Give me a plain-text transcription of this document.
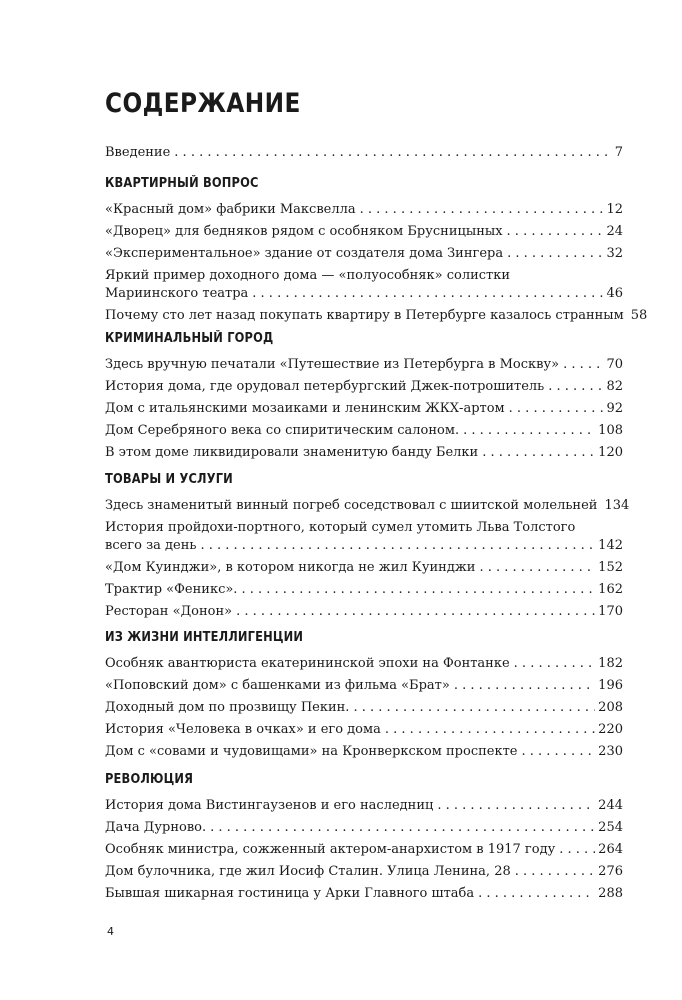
СОДЕРЖАНИЕ
Введение . . .	7
КВАРТИРНЫЙ ВОПРОС
«Красный дом» фабрики Максвелла . . .	12
«Дворец» для бедняков рядом с особняком Брусницыных . . .	24
«Экспериментальное» здание от создателя дома Зингера . . .	32
Яркий пример доходного дома — «полуособняк» солистки
Мариинского театра . . .	46
Почему сто лет назад покупать квартиру в Петербурге казалось странным 58
КРИМИНАЛЬНЫЙ ГОРОД
Здесь вручную печатали «Путешествие из Петербурга в Москву» . . .	70
История дома, где орудовал петербургский Джек-потрошитель . . .	82
Дом с итальянскими мозаиками и ленинским ЖКХ-артом . . .	92
Дом Серебряного века со спиритическим салоном. . . .	108
В этом доме ликвидировали знаменитую банду Белки . . .	120
ТОВАРЫ И УСЛУГИ
Здесь знаменитый винный погреб соседствовал с шиитской молельней 134
История пройдохи-портного, который сумел утомить Льва Толстого
всего за день . . .	142
«Дом Куинджи», в котором никогда не жил Куинджи . . .	152
Трактир «Феникс». . . .	162
Ресторан «Донон» . . .	170
ИЗ ЖИЗНИ ИНТЕЛЛИГЕНЦИИ
Особняк авантюриста екатерининской эпохи на Фонтанке . . .	182
«Поповский дом» с башенками из фильма «Брат» . . .	196
Доходный дом по прозвищу Пекин. . . .	208
История «Человека в очках» и его дома . . .	220
Дом с «совами и чудовищами» на Кронверкском проспекте . . .	230
РЕВОЛЮЦИЯ
История дома Вистингаузенов и его наследниц . . .	244
Дача Дурново. . . .	254
Особняк министра, сожженный актером-анархистом в 1917 году . . .	264
Дом булочника, где жил Иосиф Сталин. Улица Ленина, 28 . . .	276
Бывшая шикарная гостиница у Арки Главного штаба . . .	288
4
